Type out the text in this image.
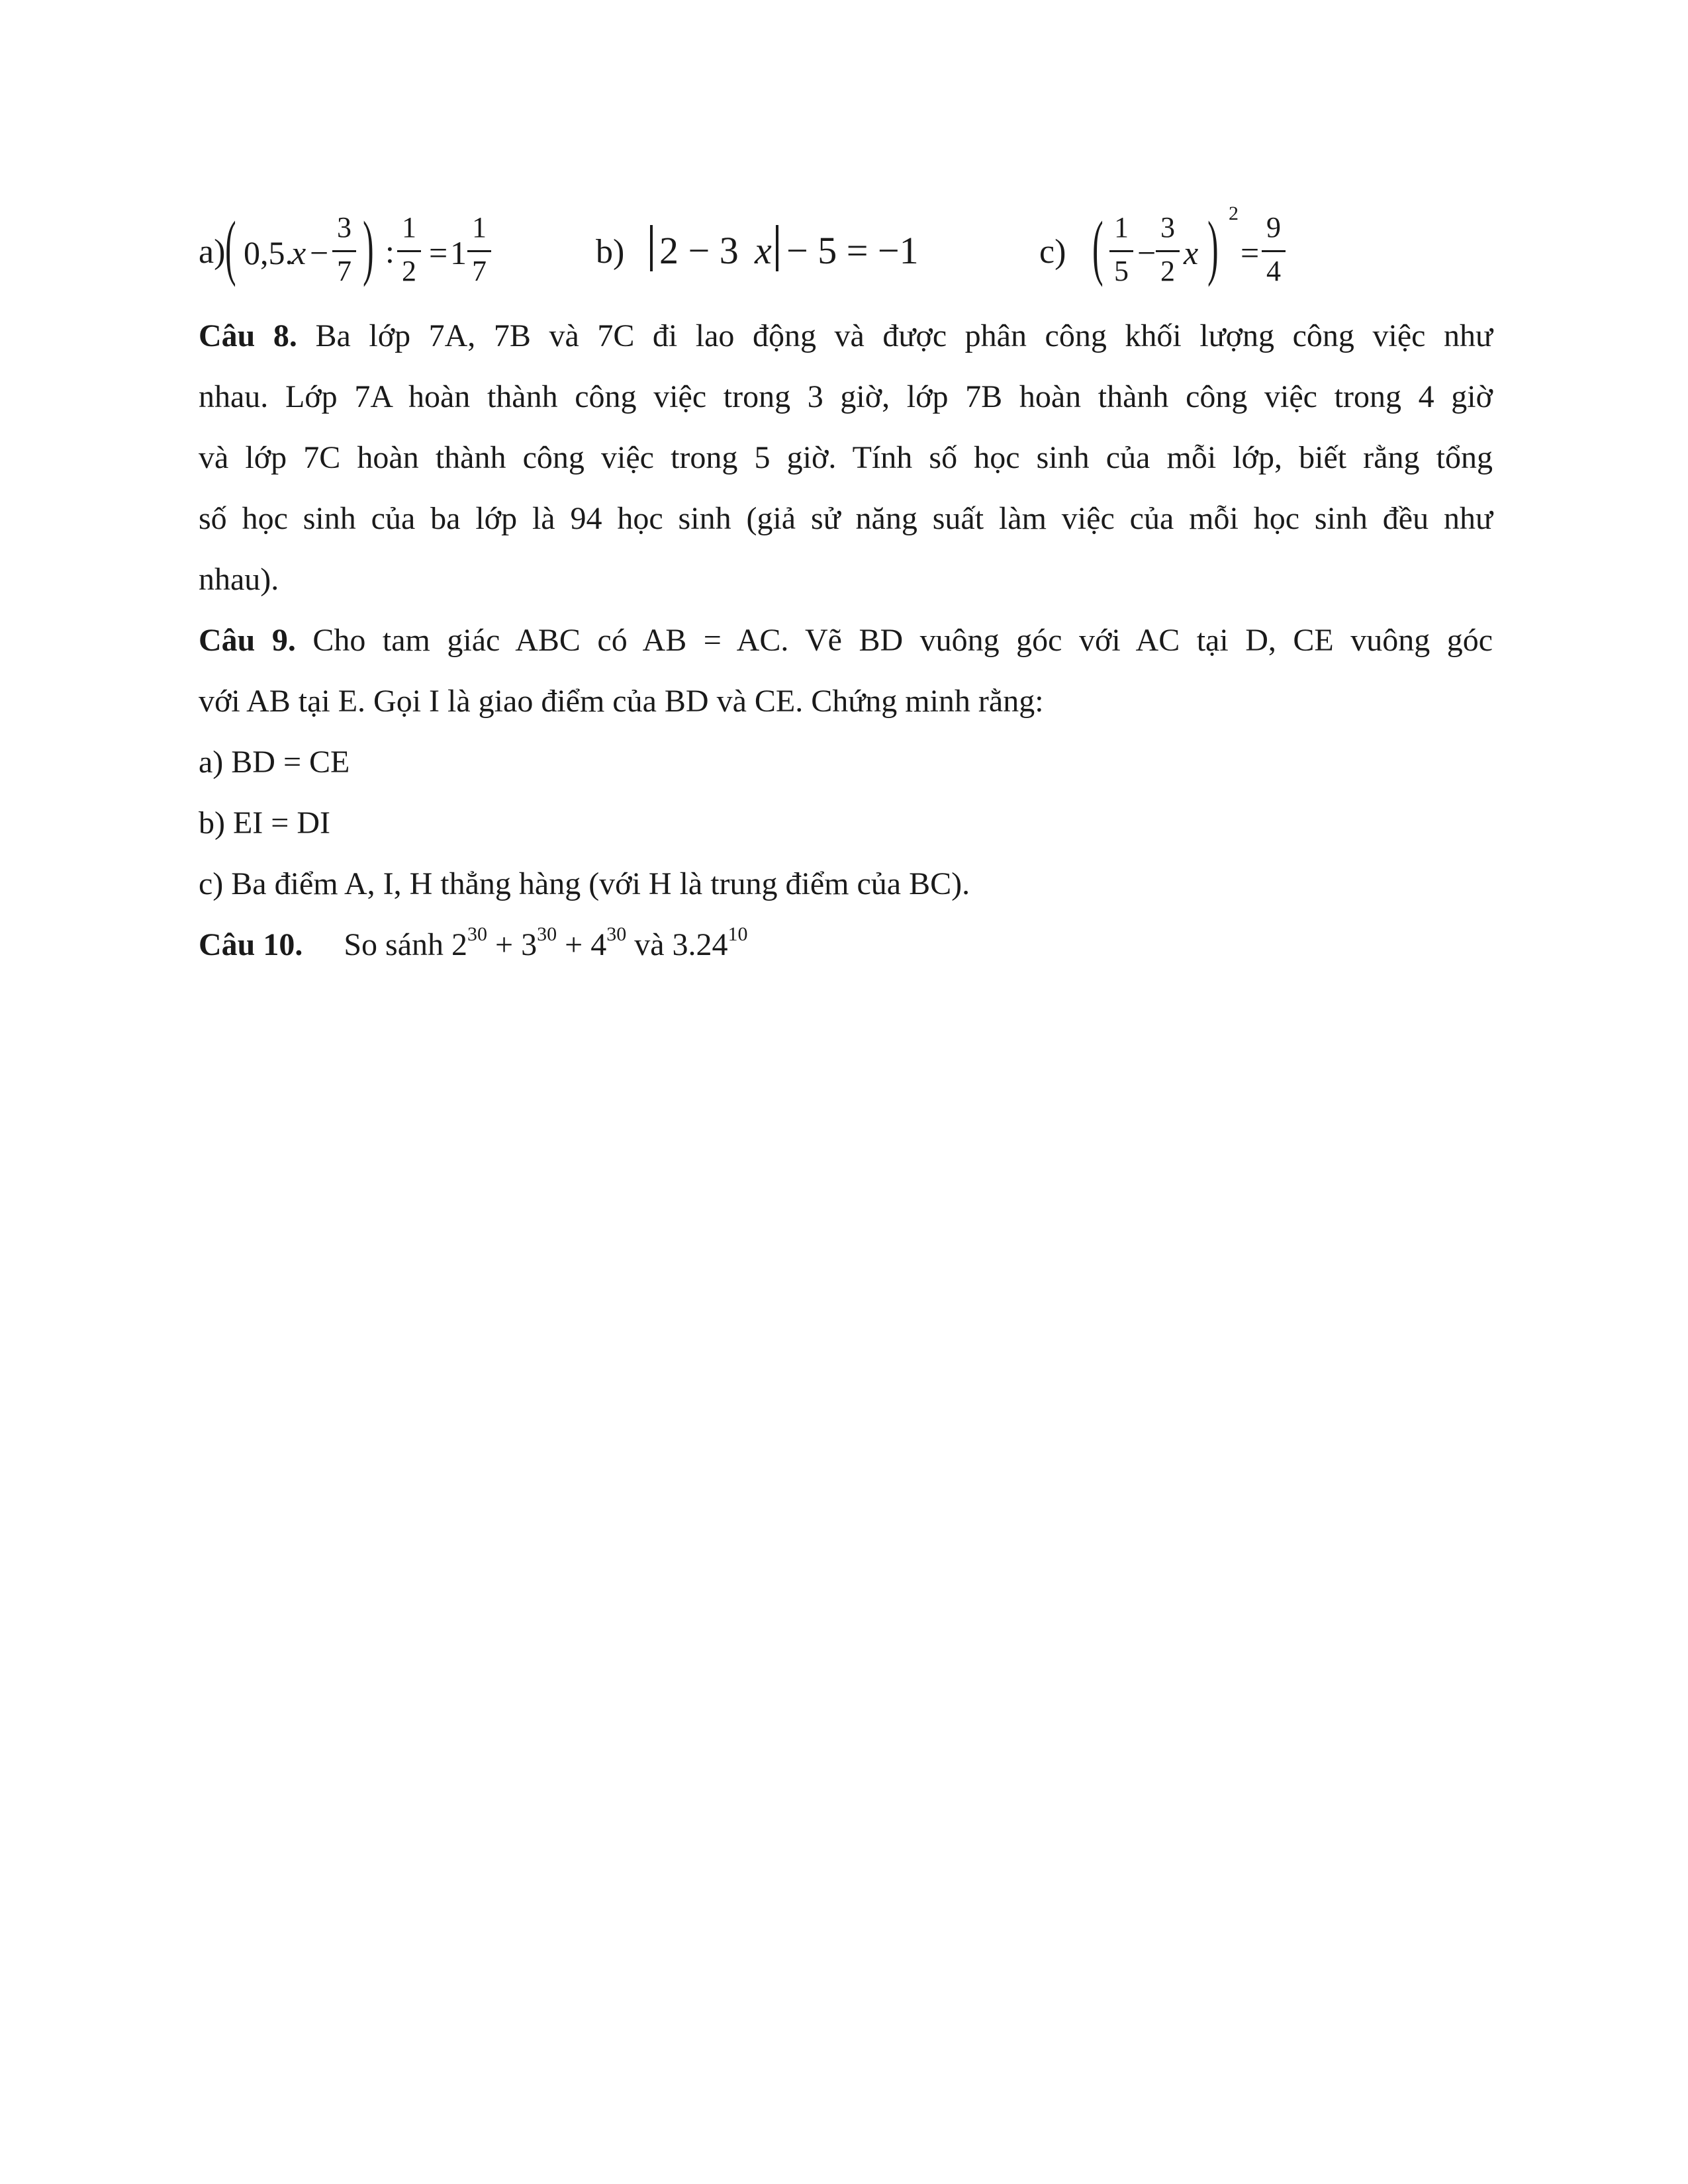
a) ( 0,5.
x −
3
7 ) :
1
2 = 1
1
7
b) 2 − 3 x − 5 = −1	c) ( 1
5 −
3
2 x ) 2
=
9
4
Câu 8. Ba lớp 7A, 7B và 7C đi lao động và được phân công khối lượng công việc như
nhau. Lớp 7A hoàn thành công việc trong 3 giờ, lớp 7B hoàn thành công việc trong 4 giờ
và lớp 7C hoàn thành công việc trong 5 giờ. Tính số học sinh của mỗi lớp, biết rằng tổng
số học sinh của ba lớp là 94 học sinh (giả sử năng suất làm việc của mỗi học sinh đều như
nhau).
Câu 9. Cho tam giác ABC có AB = AC. Vẽ BD vuông góc với AC tại D, CE vuông góc
với AB tại E. Gọi I là giao điểm của BD và CE. Chứng minh rằng:
a) BD = CE
b) EI = DI
c) Ba điểm A, I, H thẳng hàng (với H là trung điểm của BC).
Câu 10. So sánh $2^{30} + 3^{30} + 4^{30}$ và 3.24$^{10}$
